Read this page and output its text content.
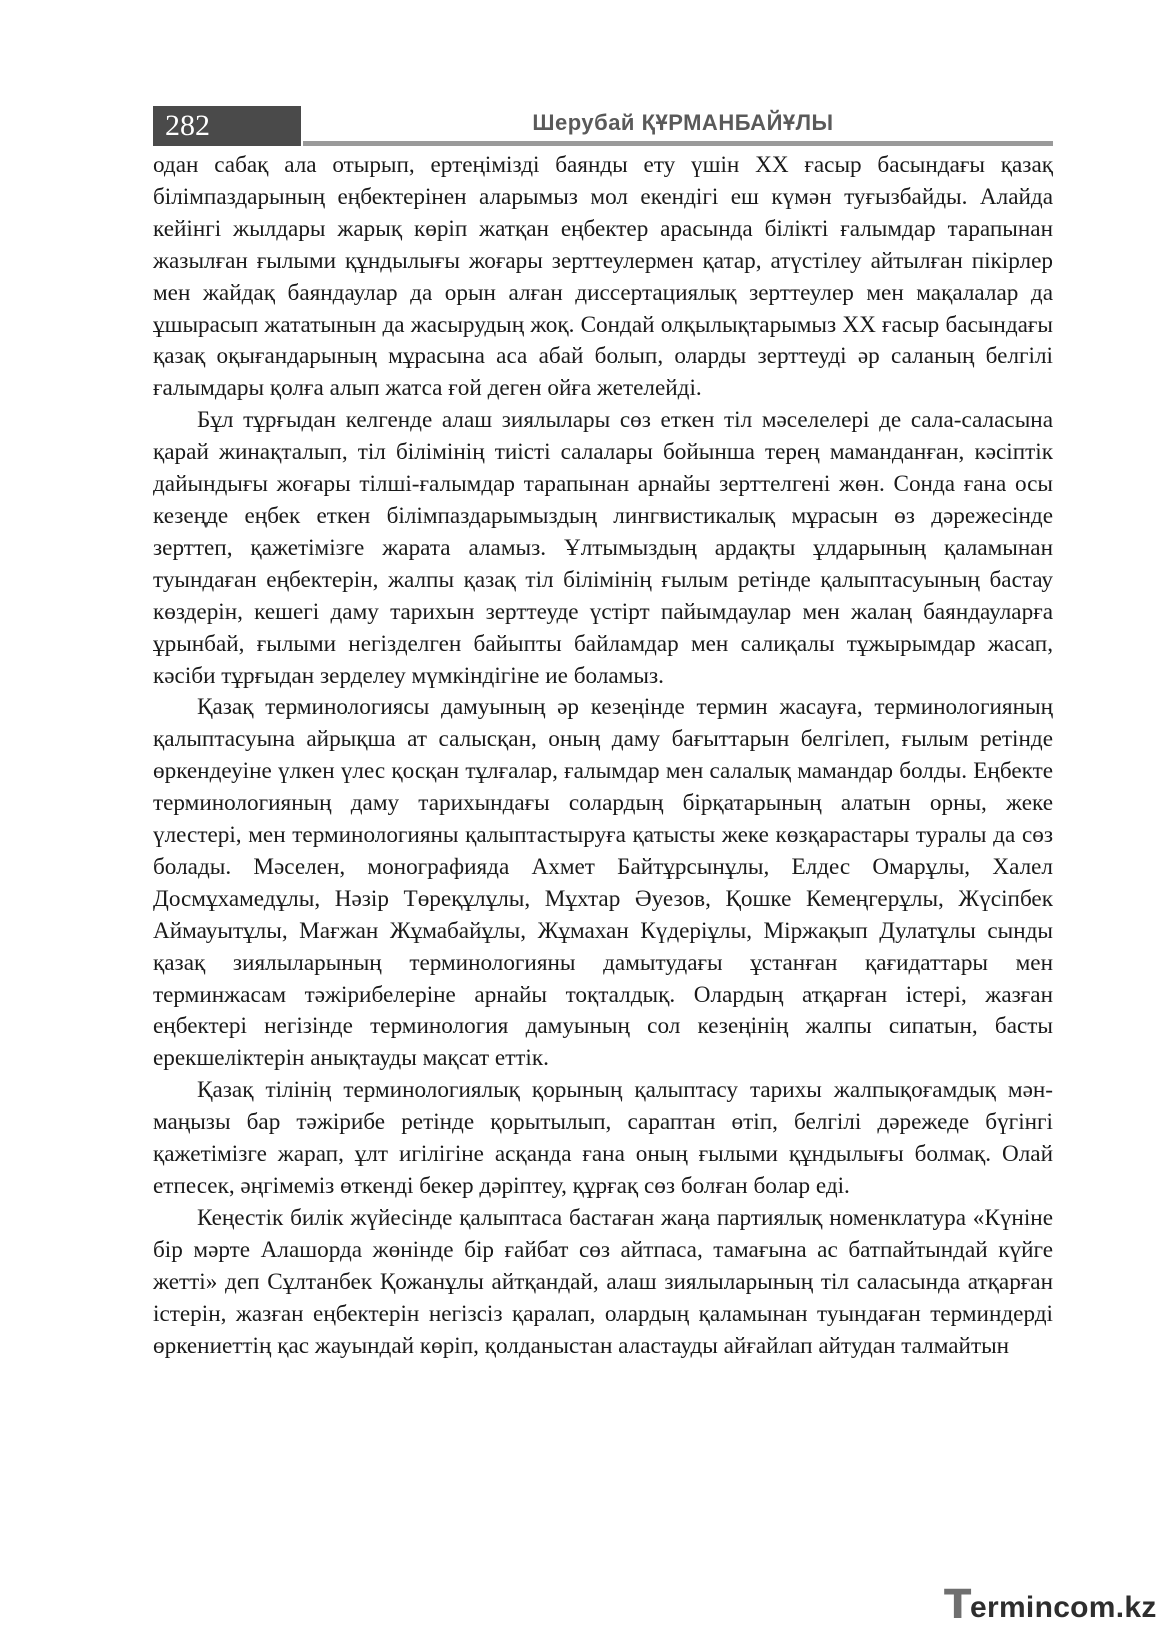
282	Шерубай ҚҰРМАНБАЙҰЛЫ

одан сабақ ала отырып, ертеңімізді баянды ету үшін XX ғасыр басындағы қазақ білімпаздарының еңбектерінен аларымыз мол екендігі еш күмән туғызбайды. Алайда кейінгі жылдары жарық көріп жатқан еңбектер арасында білікті ғалымдар тарапынан жазылған ғылыми құндылығы жоғары зерттеулермен қатар, атүстілеу айтылған пікірлер мен жайдақ баяндаулар да орын алған диссертациялық зерттеулер мен мақалалар да ұшырасып жататынын да жасырудың жоқ. Сондай олқылықтарымыз XX ғасыр басындағы қазақ оқығандарының мұрасына аса абай болып, оларды зерттеуді әр саланың белгілі ғалымдары қолға алып жатса ғой деген ойға жетелейді.

Бұл тұрғыдан келгенде алаш зиялылары сөз еткен тіл мәселелері де сала-саласына қарай жинақталып, тіл білімінің тиісті салалары бойынша терең маманданған, кәсіптік дайындығы жоғары тілші-ғалымдар тарапынан арнайы зерттелгені жөн. Сонда ғана осы кезеңде еңбек еткен білімпаздарымыздың лингвистикалық мұрасын өз дәрежесінде зерттеп, қажетімізге жарата аламыз. Ұлтымыздың ардақты ұлдарының қаламынан туындаған еңбектерін, жалпы қазақ тіл білімінің ғылым ретінде қалыптасуының бастау көздерін, кешегі даму тарихын зерттеуде үстірт пайымдаулар мен жалаң баяндауларға ұрынбай, ғылыми негізделген байыпты байламдар мен салиқалы тұжырымдар жасап, кәсіби тұрғыдан зерделеу мүмкіндігіне ие боламыз.

Қазақ терминологиясы дамуының әр кезеңінде термин жасауға, терминологияның қалыптасуына айрықша ат салысқан, оның даму бағыттарын белгілеп, ғылым ретінде өркендеуіне үлкен үлес қосқан тұлғалар, ғалымдар мен салалық мамандар болды. Еңбекте терминологияның даму тарихындағы солардың бірқатарының алатын орны, жеке үлестері, мен терминологияны қалыптастыруға қатысты жеке көзқарастары туралы да сөз болады. Мәселен, монографияда Ахмет Байтұрсынұлы, Елдес Омарұлы, Халел Досмұхамедұлы, Нәзір Төреқұлұлы, Мұхтар Әуезов, Қошке Кемеңгерұлы, Жүсіпбек Аймауытұлы, Мағжан Жұмабайұлы, Жұмахан Күдеріұлы, Міржақып Дулатұлы сынды қазақ зиялыларының терминологияны дамытудағы ұстанған қағидаттары мен терминжасам тәжірибелеріне арнайы тоқталдық. Олардың атқарған істері, жазған еңбектері негізінде терминология дамуының сол кезеңінің жалпы сипатын, басты ерекшеліктерін анықтауды мақсат еттік.

Қазақ тілінің терминологиялық қорының қалыптасу тарихы жалпықоғамдық мән-маңызы бар тәжірибе ретінде қорытылып, сараптан өтіп, белгілі дәрежеде бүгінгі қажетімізге жарап, ұлт игілігіне асқанда ғана оның ғылыми құндылығы болмақ. Олай етпесек, әңгімеміз өткенді бекер дәріптеу, құрғақ сөз болған болар еді.

Кеңестік билік жүйесінде қалыптаса бастаған жаңа партиялық номенклатура «Күніне бір мәрте Алашорда жөнінде бір ғайбат сөз айтпаса, тамағына ас батпайтындай күйге жетті» деп Сұлтанбек Қожанұлы айтқандай, алаш зиялыларының тіл саласында атқарған істерін, жазған еңбектерін негізсіз қаралап, олардың қаламынан туындаған терминдерді өркениеттің қас жауындай көріп, қолданыстан аластауды айғайлап айтудан талмайтын

T
ermincom.kz
